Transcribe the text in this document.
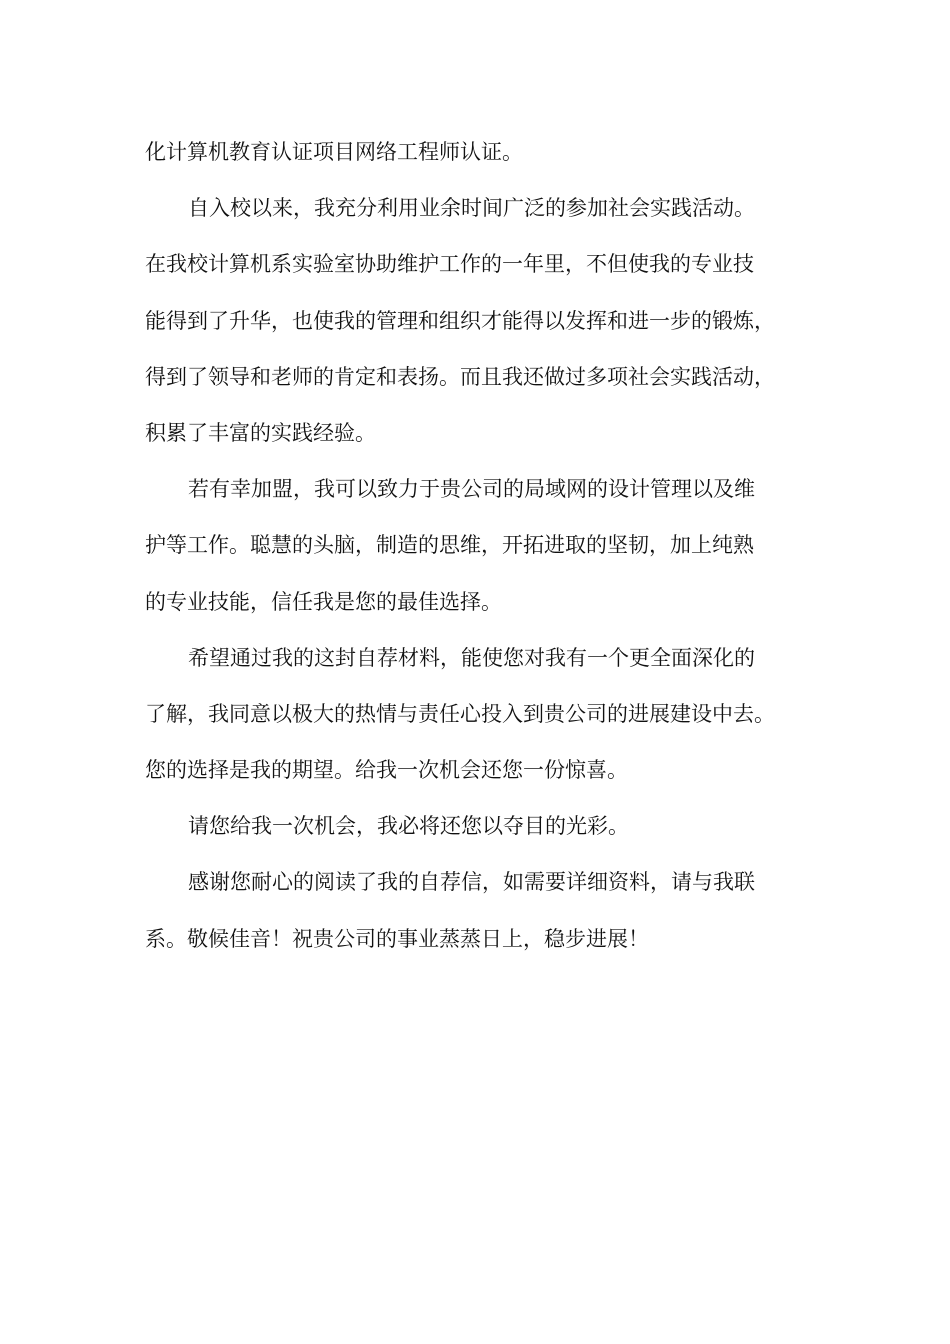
化计算机教育认证项目网络工程师认证。
自入校以来，我充分利用业余时间广泛的参加社会实践活动。
在我校计算机系实验室协助维护工作的一年里，不但使我的专业技
能得到了升华，也使我的管理和组织才能得以发挥和进一步的锻炼，
得到了领导和老师的肯定和表扬。而且我还做过多项社会实践活动，
积累了丰富的实践经验。
若有幸加盟，我可以致力于贵公司的局域网的设计管理以及维
护等工作。聪慧的头脑，制造的思维，开拓进取的坚韧，加上纯熟
的专业技能，信任我是您的最佳选择。
希望通过我的这封自荐材料，能使您对我有一个更全面深化的
了解，我同意以极大的热情与责任心投入到贵公司的进展建设中去。
您的选择是我的期望。给我一次机会还您一份惊喜。
请您给我一次机会，我必将还您以夺目的光彩。
感谢您耐心的阅读了我的自荐信，如需要详细资料，请与我联
系。敬候佳音！祝贵公司的事业蒸蒸日上，稳步进展！
